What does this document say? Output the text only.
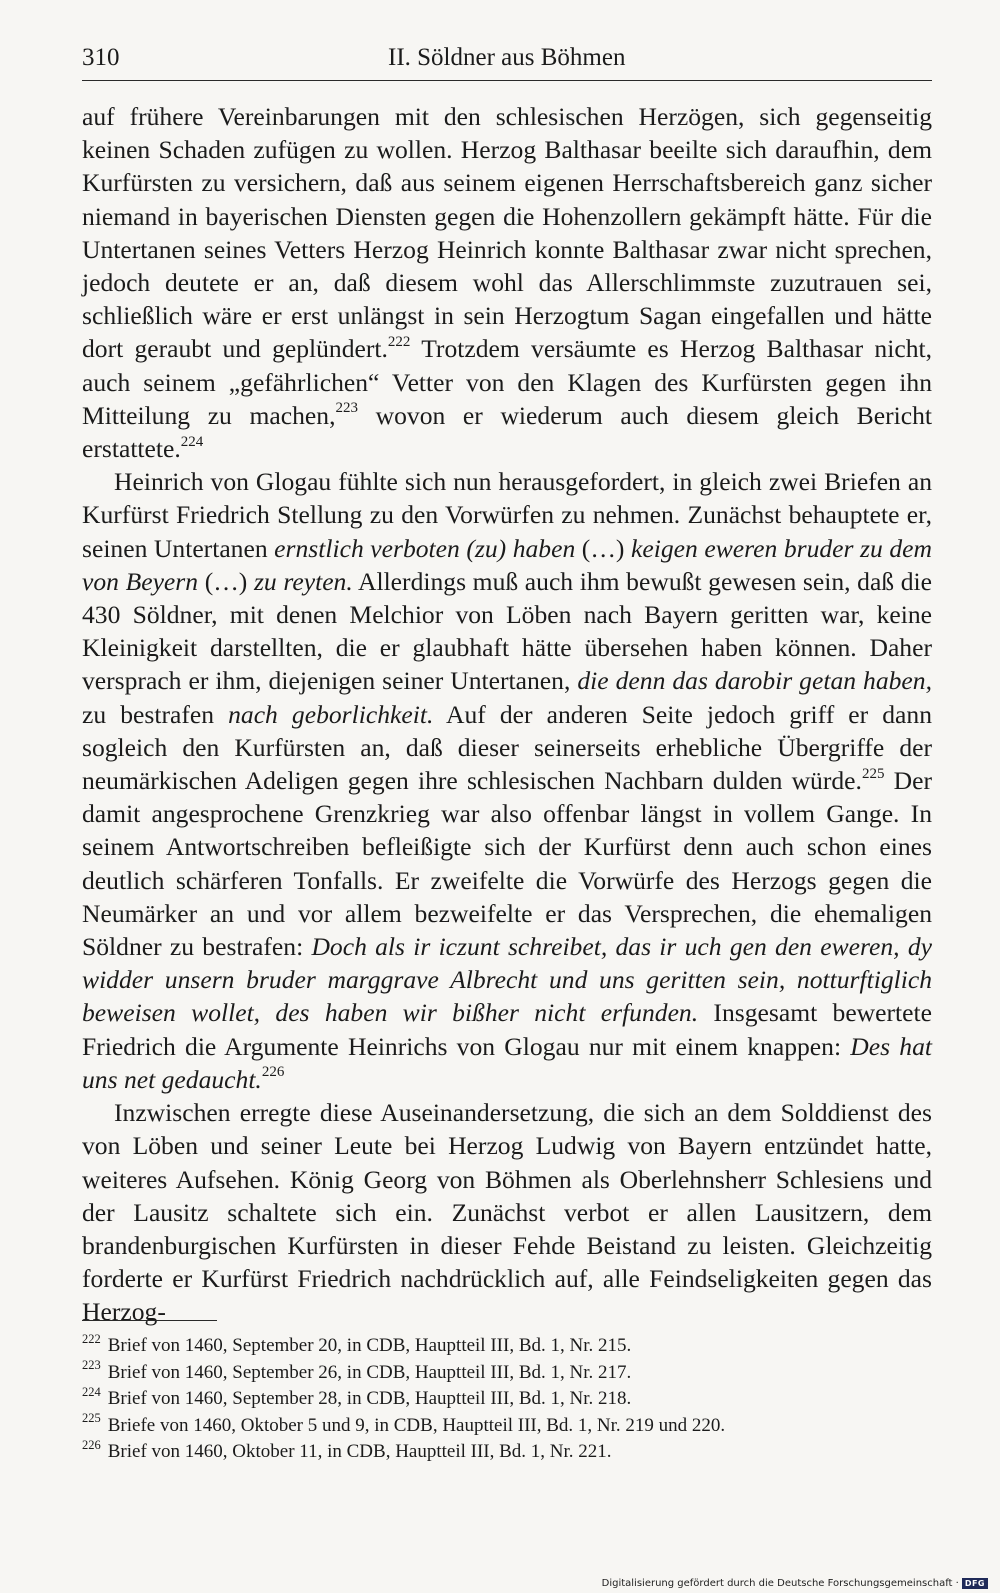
310	II. Söldner aus Böhmen

auf frühere Vereinbarungen mit den schlesischen Herzögen, sich gegenseitig keinen Schaden zufügen zu wollen. Herzog Balthasar beeilte sich daraufhin, dem Kurfürsten zu versichern, daß aus seinem eigenen Herrschaftsbereich ganz sicher niemand in bayerischen Diensten gegen die Hohenzollern gekämpft hätte. Für die Untertanen seines Vetters Herzog Heinrich konnte Balthasar zwar nicht sprechen, jedoch deutete er an, daß diesem wohl das Allerschlimmste zuzutrauen sei, schließlich wäre er erst unlängst in sein Herzogtum Sagan eingefallen und hätte dort geraubt und geplündert.$^{222}$ Trotzdem versäumte es Herzog Balthasar nicht, auch seinem „gefährlichen“ Vetter von den Klagen des Kurfürsten gegen ihn Mitteilung zu machen,$^{223}$ wovon er wiederum auch diesem gleich Bericht erstattete.$^{224}$

Heinrich von Glogau fühlte sich nun herausgefordert, in gleich zwei Briefen an Kurfürst Friedrich Stellung zu den Vorwürfen zu nehmen. Zunächst behauptete er, seinen Untertanen ernstlich verboten (zu) haben (…) keigen eweren bruder zu dem von Beyern (…) zu reyten. Allerdings muß auch ihm bewußt gewesen sein, daß die 430 Söldner, mit denen Melchior von Löben nach Bayern geritten war, keine Kleinigkeit darstellten, die er glaubhaft hätte übersehen haben können. Daher versprach er ihm, diejenigen seiner Untertanen, die denn das darobir getan haben, zu bestrafen nach geborlichkeit. Auf der anderen Seite jedoch griff er dann sogleich den Kurfürsten an, daß dieser seinerseits erhebliche Übergriffe der neumärkischen Adeligen gegen ihre schlesischen Nachbarn dulden würde.$^{225}$ Der damit angesprochene Grenzkrieg war also offenbar längst in vollem Gange. In seinem Antwortschreiben befleißigte sich der Kurfürst denn auch schon eines deutlich schärferen Tonfalls. Er zweifelte die Vorwürfe des Herzogs gegen die Neumärker an und vor allem bezweifelte er das Versprechen, die ehemaligen Söldner zu bestrafen: Doch als ir iczunt schreibet, das ir uch gen den eweren, dy widder unsern bruder marggrave Albrecht und uns geritten sein, notturftiglich beweisen wollet, des haben wir bißher nicht erfunden. Insgesamt bewertete Friedrich die Argumente Heinrichs von Glogau nur mit einem knappen: Des hat uns net gedaucht.$^{226}$

Inzwischen erregte diese Auseinandersetzung, die sich an dem Solddienst des von Löben und seiner Leute bei Herzog Ludwig von Bayern entzündet hatte, weiteres Aufsehen. König Georg von Böhmen als Oberlehnsherr Schlesiens und der Lausitz schaltete sich ein. Zunächst verbot er allen Lausitzern, dem brandenburgischen Kurfürsten in dieser Fehde Beistand zu leisten. Gleichzeitig forderte er Kurfürst Friedrich nachdrücklich auf, alle Feindseligkeiten gegen das Herzog-

$^{222}$ Brief von 1460, September 20, in CDB, Hauptteil III, Bd. 1, Nr. 215.
$^{223}$ Brief von 1460, September 26, in CDB, Hauptteil III, Bd. 1, Nr. 217.
$^{224}$ Brief von 1460, September 28, in CDB, Hauptteil III, Bd. 1, Nr. 218.
$^{225}$ Briefe von 1460, Oktober 5 und 9, in CDB, Hauptteil III, Bd. 1, Nr. 219 und 220.
$^{226}$ Brief von 1460, Oktober 11, in CDB, Hauptteil III, Bd. 1, Nr. 221.
Digitalisierung gefördert durch die Deutsche Forschungsgemeinschaft · DFG
